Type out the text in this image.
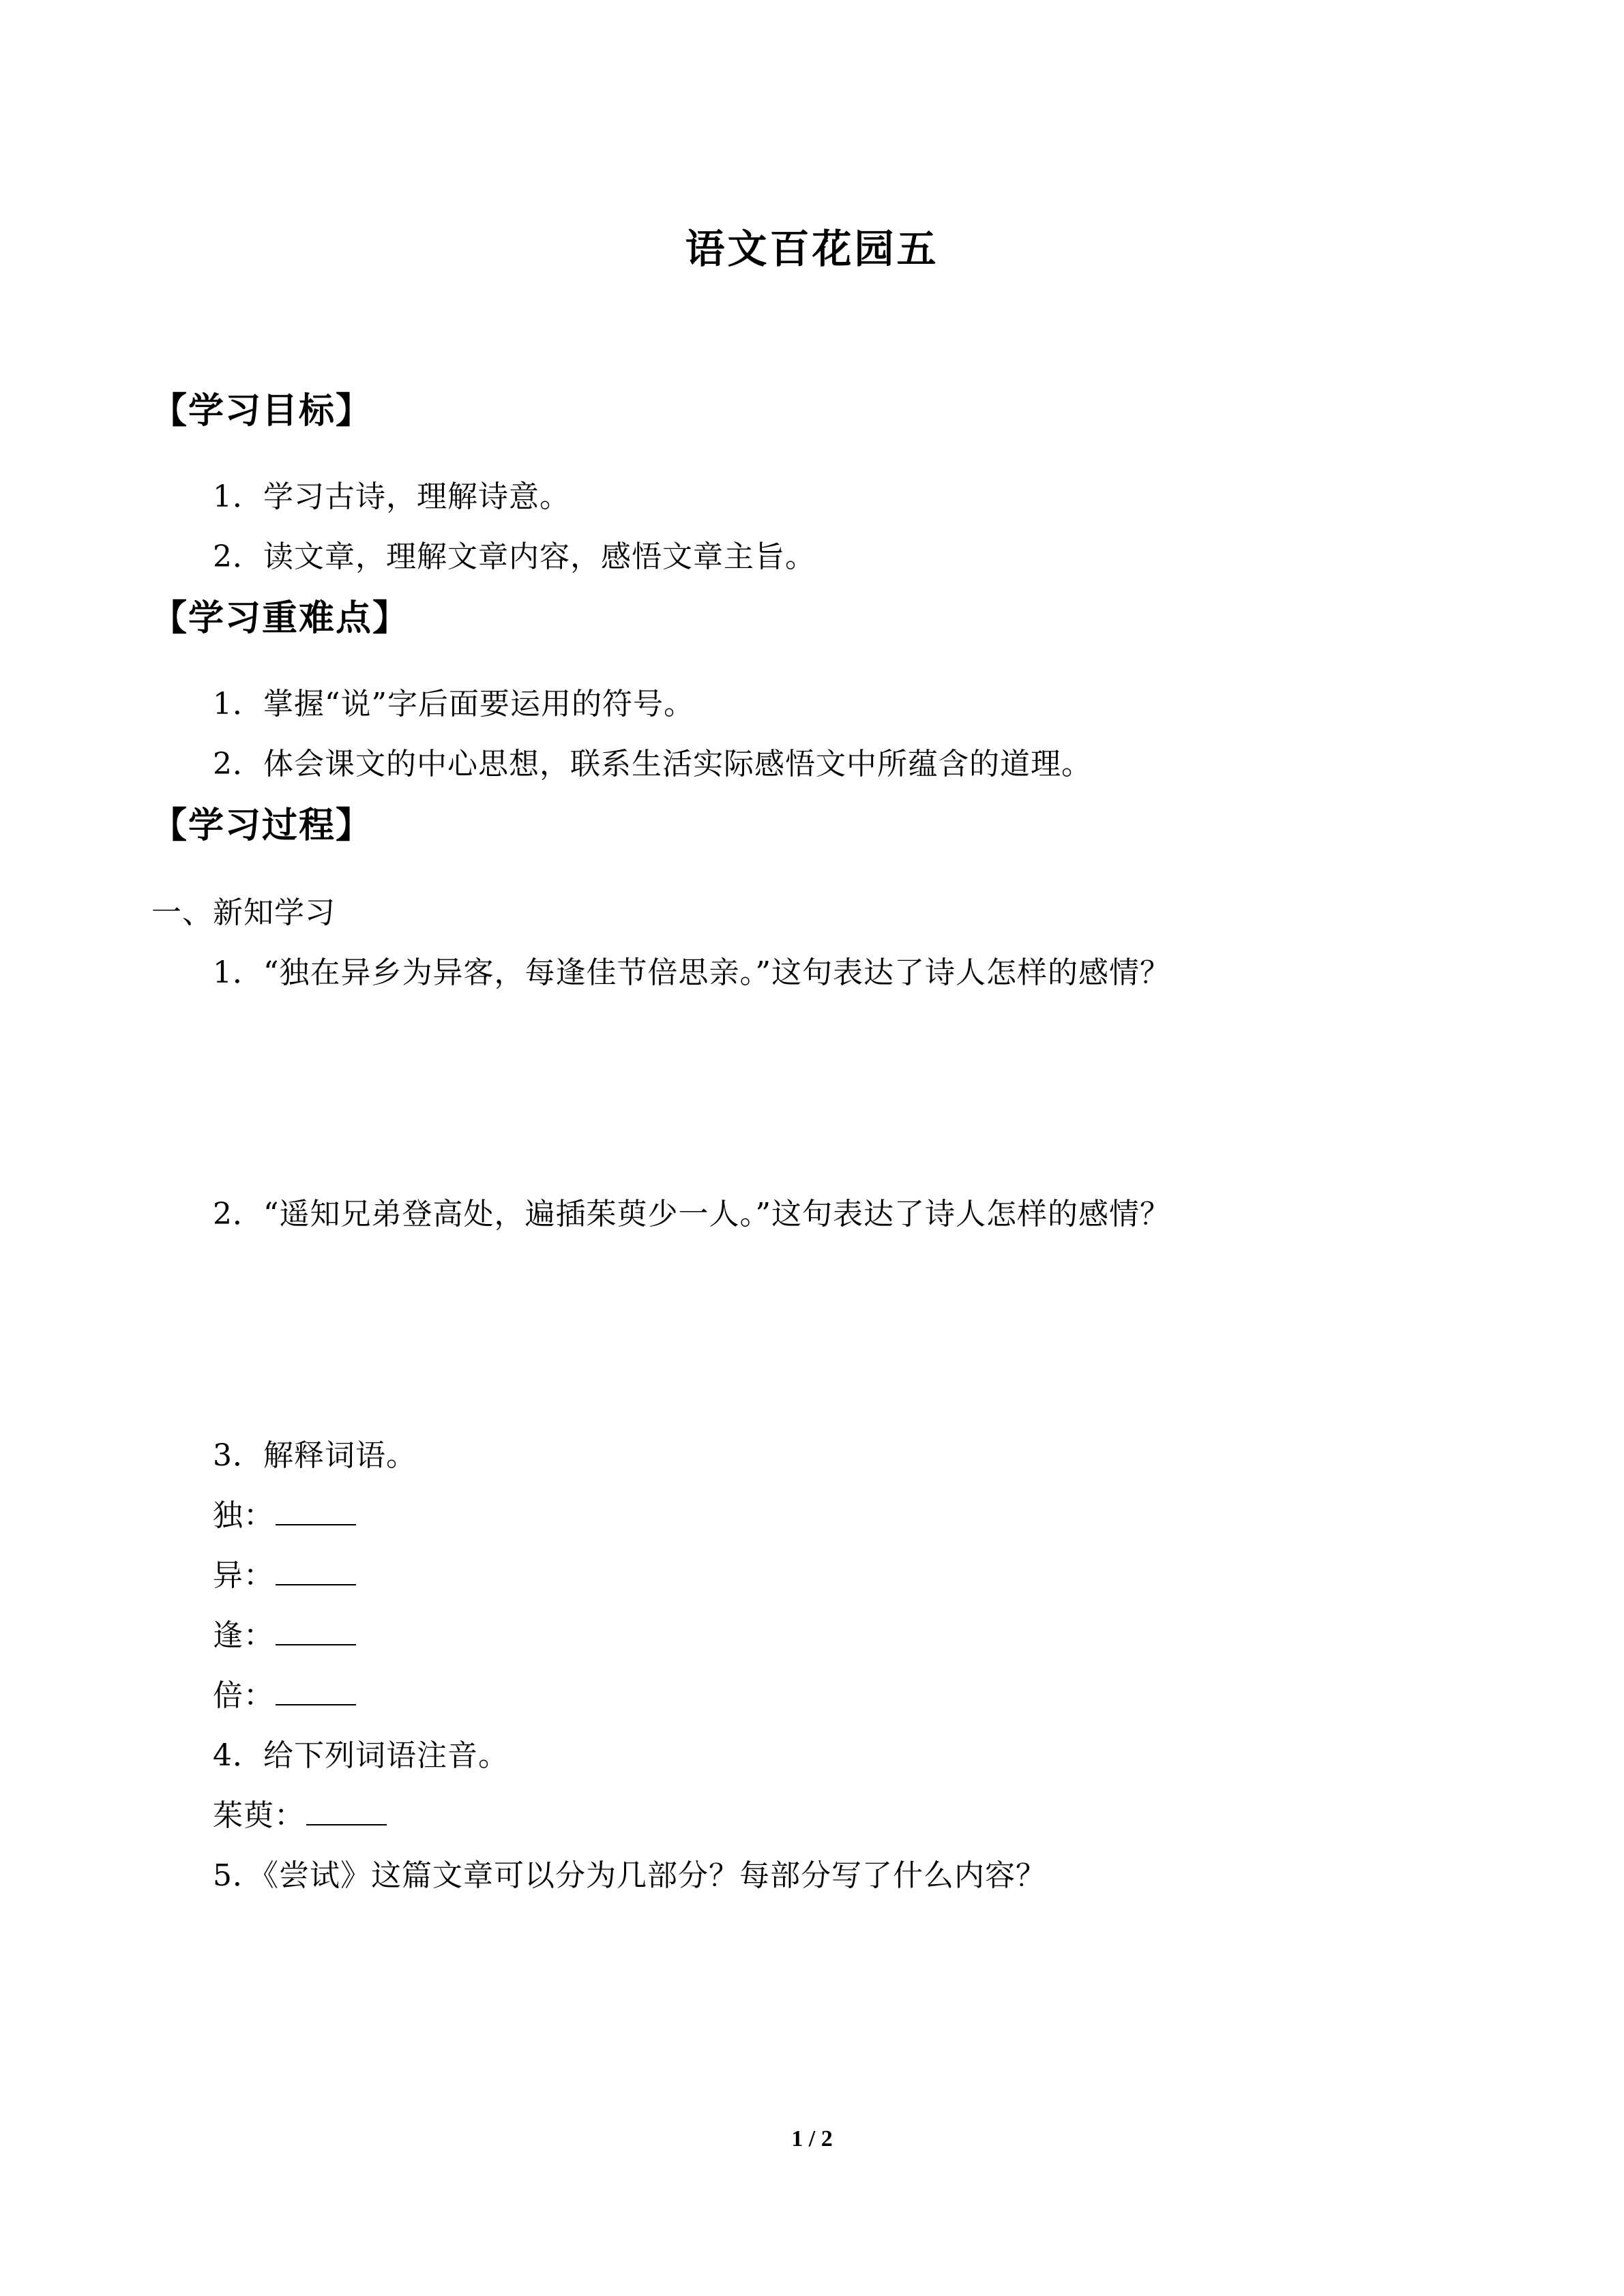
语文百花园五
【学习目标】
1．学习古诗，理解诗意。
2．读文章，理解文章内容，感悟文章主旨。
【学习重难点】
1．掌握“说”字后面要运用的符号。
2．体会课文的中心思想，联系生活实际感悟文中所蕴含的道理。
【学习过程】
一、新知学习
1．“独在异乡为异客，每逢佳节倍思亲。”这句表达了诗人怎样的感情？
2．“遥知兄弟登高处，遍插茱萸少一人。”这句表达了诗人怎样的感情？
3．解释词语。
独：
异：
逢：
倍：
4．给下列词语注音。
茱萸：
5．《尝试》这篇文章可以分为几部分？每部分写了什么内容？
1 / 2
